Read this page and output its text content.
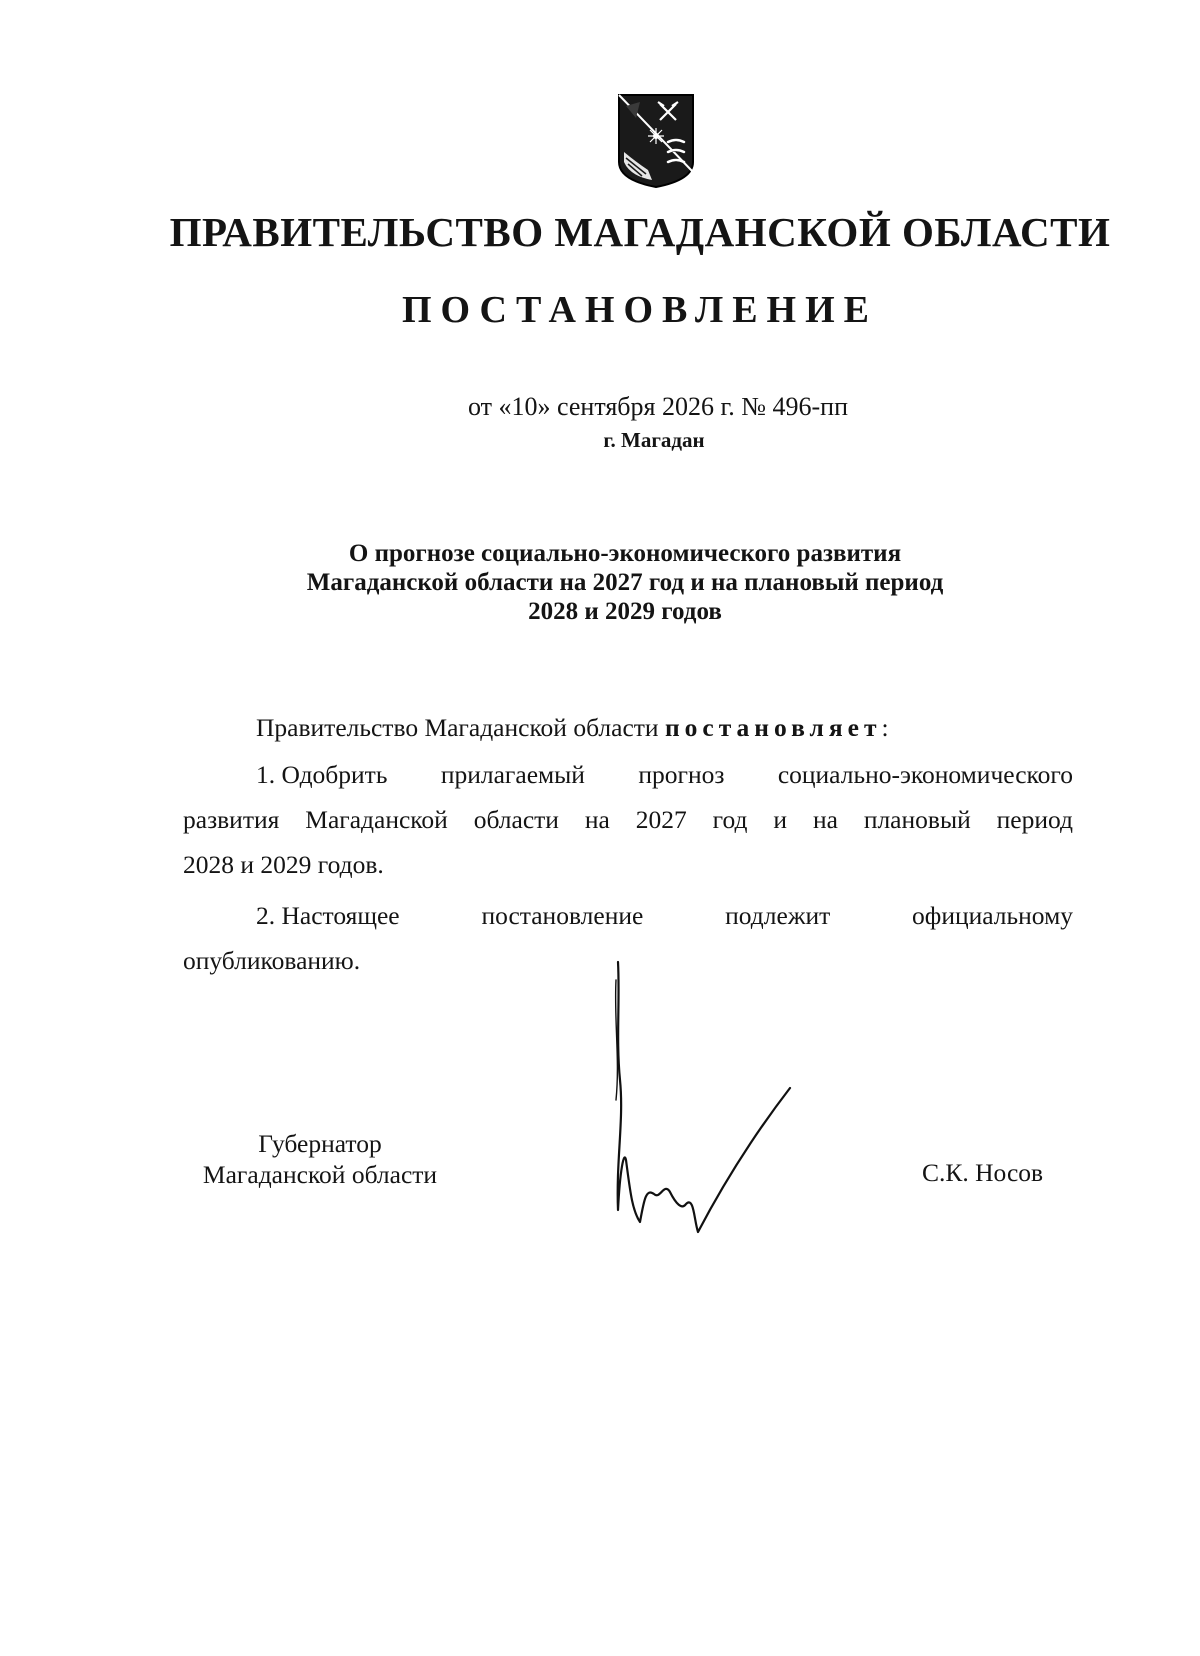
ПРАВИТЕЛЬСТВО МАГАДАНСКОЙ ОБЛАСТИ
ПОСТАНОВЛЕНИЕ
от «10» сентября 2026 г. № 496-пп
г. Магадан
О прогнозе социально-экономического развития
Магаданской области на 2027 год и на плановый период
2028 и 2029 годов
Правительство Магаданской области постановляет:
1. Одобрить прилагаемый прогноз социально-экономического
развития Магаданской области на 2027 год и на плановый период
2028 и 2029 годов.
2. Настоящее	постановление	подлежит	официальному
опубликованию.
Губернатор
Магаданской области	С.К. Носов
